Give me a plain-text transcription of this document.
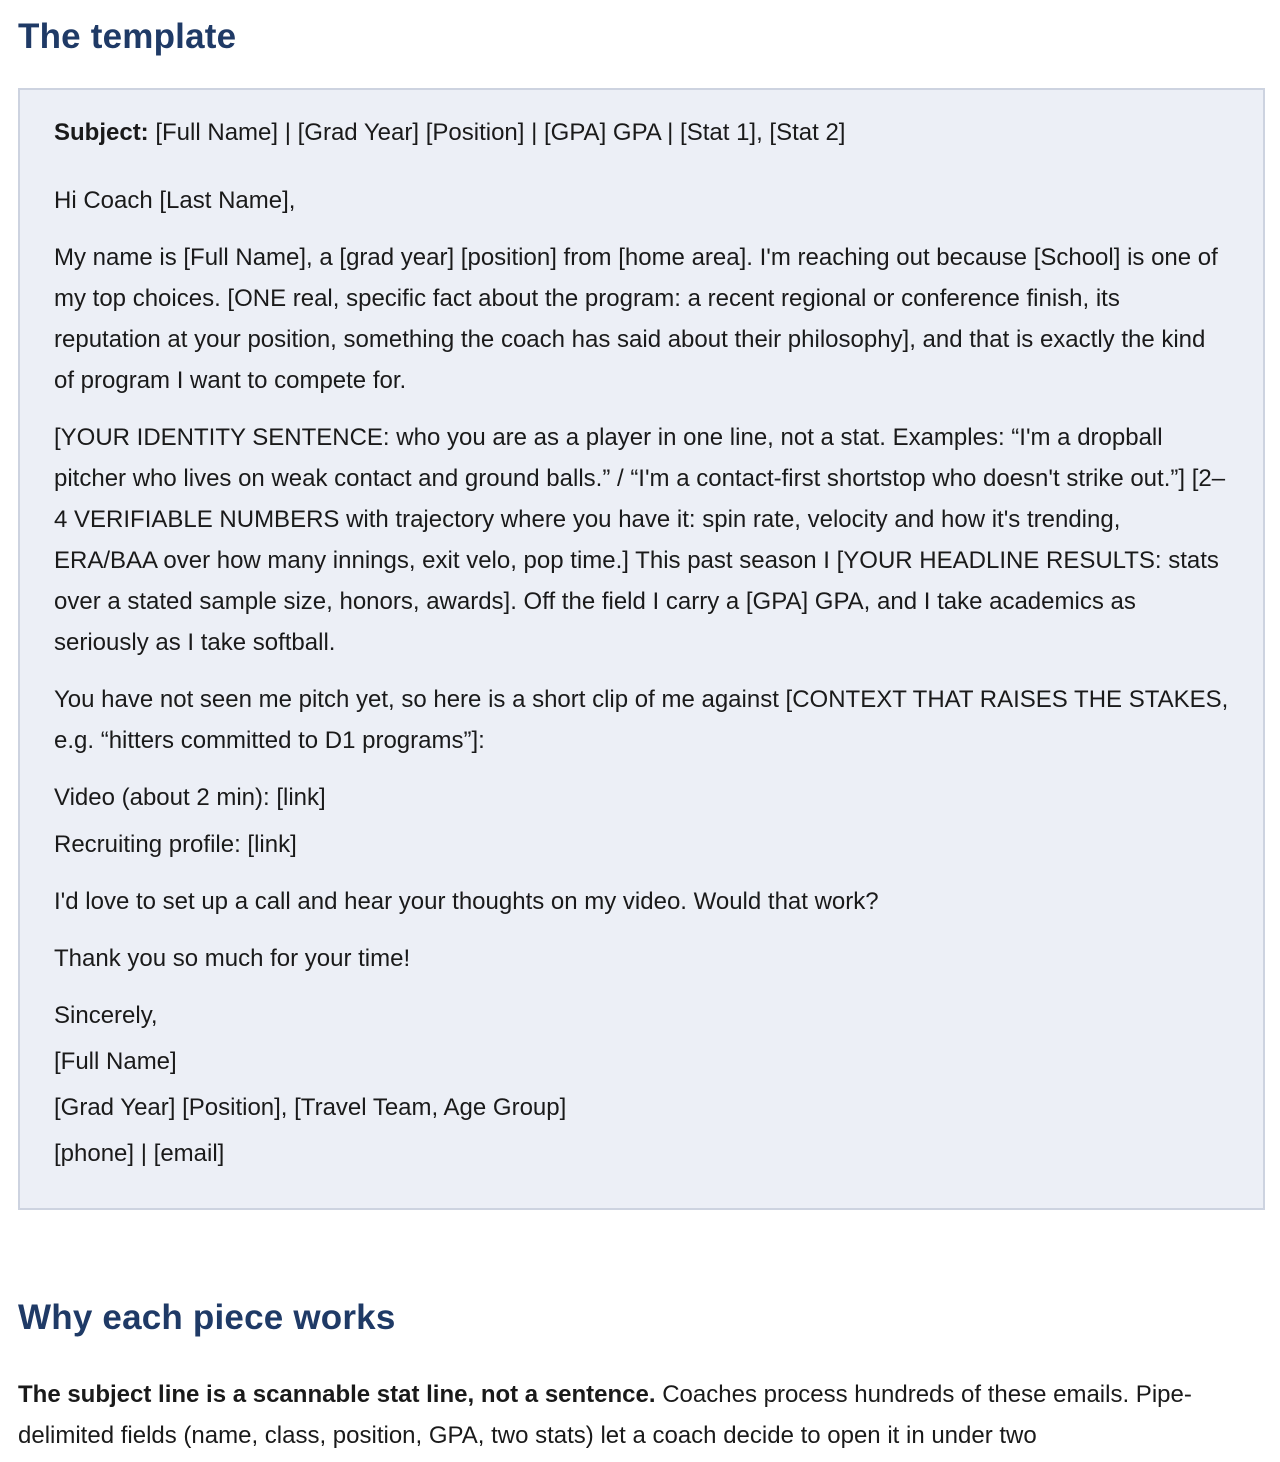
The template

Subject: [Full Name] | [Grad Year] [Position] | [GPA] GPA | [Stat 1], [Stat 2]

Hi Coach [Last Name],

My name is [Full Name], a [grad year] [position] from [home area]. I'm reaching out because [School] is one of my top choices. [ONE real, specific fact about the program: a recent regional or conference finish, its reputation at your position, something the coach has said about their philosophy], and that is exactly the kind of program I want to compete for.

[YOUR IDENTITY SENTENCE: who you are as a player in one line, not a stat. Examples: “I'm a dropball pitcher who lives on weak contact and ground balls.” / “I'm a contact-first shortstop who doesn't strike out.”] [2–4 VERIFIABLE NUMBERS with trajectory where you have it: spin rate, velocity and how it's trending, ERA/BAA over how many innings, exit velo, pop time.] This past season I [YOUR HEADLINE RESULTS: stats over a stated sample size, honors, awards]. Off the field I carry a [GPA] GPA, and I take academics as seriously as I take softball.

You have not seen me pitch yet, so here is a short clip of me against [CONTEXT THAT RAISES THE STAKES, e.g. “hitters committed to D1 programs”]:

Video (about 2 min): [link]

Recruiting profile: [link]

I'd love to set up a call and hear your thoughts on my video. Would that work?

Thank you so much for your time!

Sincerely,

[Full Name]

[Grad Year] [Position], [Travel Team, Age Group]

[phone] | [email]

Why each piece works

The subject line is a scannable stat line, not a sentence. Coaches process hundreds of these emails. Pipe-delimited fields (name, class, position, GPA, two stats) let a coach decide to open it in under two
